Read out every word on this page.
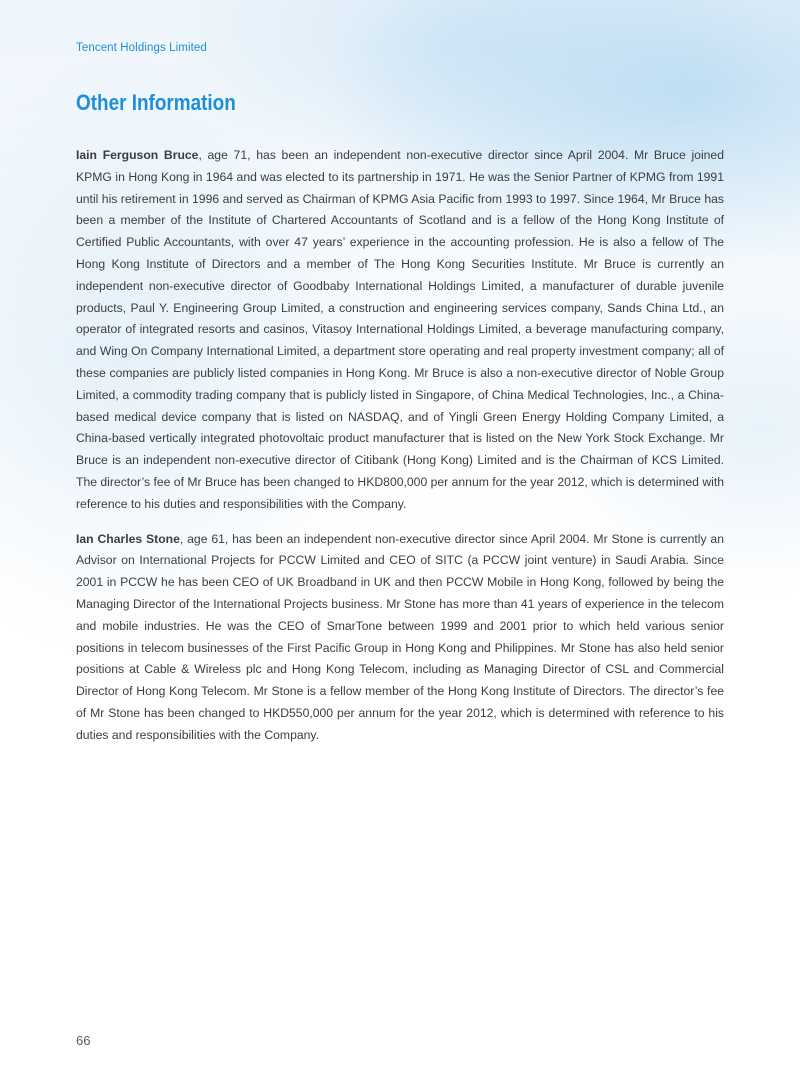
Tencent Holdings Limited
Other Information

Iain Ferguson Bruce, age 71, has been an independent non-executive director since April 2004. Mr Bruce joined KPMG in Hong Kong in 1964 and was elected to its partnership in 1971. He was the Senior Partner of KPMG from 1991 until his retirement in 1996 and served as Chairman of KPMG Asia Pacific from 1993 to 1997. Since 1964, Mr Bruce has been a member of the Institute of Chartered Accountants of Scotland and is a fellow of the Hong Kong Institute of Certified Public Accountants, with over 47 years’ experience in the accounting profession. He is also a fellow of The Hong Kong Institute of Directors and a member of The Hong Kong Securities Institute. Mr Bruce is currently an independent non-executive director of Goodbaby International Holdings Limited, a manufacturer of durable juvenile products, Paul Y. Engineering Group Limited, a construction and engineering services company, Sands China Ltd., an operator of integrated resorts and casinos, Vitasoy International Holdings Limited, a beverage manufacturing company, and Wing On Company International Limited, a department store operating and real property investment company; all of these companies are publicly listed companies in Hong Kong. Mr Bruce is also a non-executive director of Noble Group Limited, a commodity trading company that is publicly listed in Singapore, of China Medical Technologies, Inc., a China-based medical device company that is listed on NASDAQ, and of Yingli Green Energy Holding Company Limited, a China-based vertically integrated photovoltaic product manufacturer that is listed on the New York Stock Exchange. Mr Bruce is an independent non-executive director of Citibank (Hong Kong) Limited and is the Chairman of KCS Limited. The director’s fee of Mr Bruce has been changed to HKD800,000 per annum for the year 2012, which is determined with reference to his duties and responsibilities with the Company.

Ian Charles Stone, age 61, has been an independent non-executive director since April 2004. Mr Stone is currently an Advisor on International Projects for PCCW Limited and CEO of SITC (a PCCW joint venture) in Saudi Arabia. Since 2001 in PCCW he has been CEO of UK Broadband in UK and then PCCW Mobile in Hong Kong, followed by being the Managing Director of the International Projects business. Mr Stone has more than 41 years of experience in the telecom and mobile industries. He was the CEO of SmarTone between 1999 and 2001 prior to which held various senior positions in telecom businesses of the First Pacific Group in Hong Kong and Philippines. Mr Stone has also held senior positions at Cable & Wireless plc and Hong Kong Telecom, including as Managing Director of CSL and Commercial Director of Hong Kong Telecom. Mr Stone is a fellow member of the Hong Kong Institute of Directors. The director’s fee of Mr Stone has been changed to HKD550,000 per annum for the year 2012, which is determined with reference to his duties and responsibilities with the Company.

66
